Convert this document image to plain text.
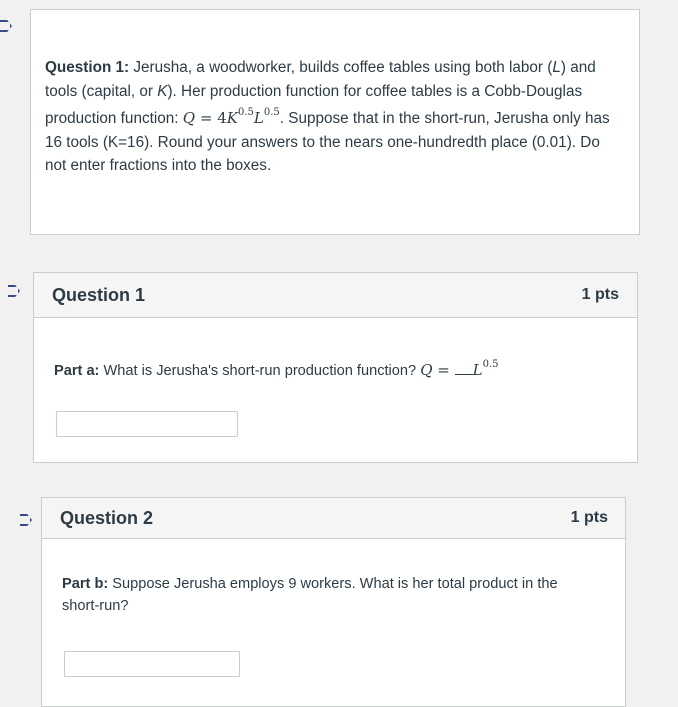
Question 1: Jerusha, a woodworker, builds coffee tables using both labor (L) and tools (capital, or K). Her production function for coffee tables is a Cobb-Douglas production function: $Q = 4K^{0.5}L^{0.5}$. Suppose that in the short-run, Jerusha only has 16 tools (K=16). Round your answers to the nears one-hundredth place (0.01). Do not enter fractions into the boxes.
Question 1	1 pts
Part a: What is Jerusha's short-run production function? $Q = L^{0.5}$
Question 2	1 pts
Part b: Suppose Jerusha employs 9 workers. What is her total product in the short-run?
